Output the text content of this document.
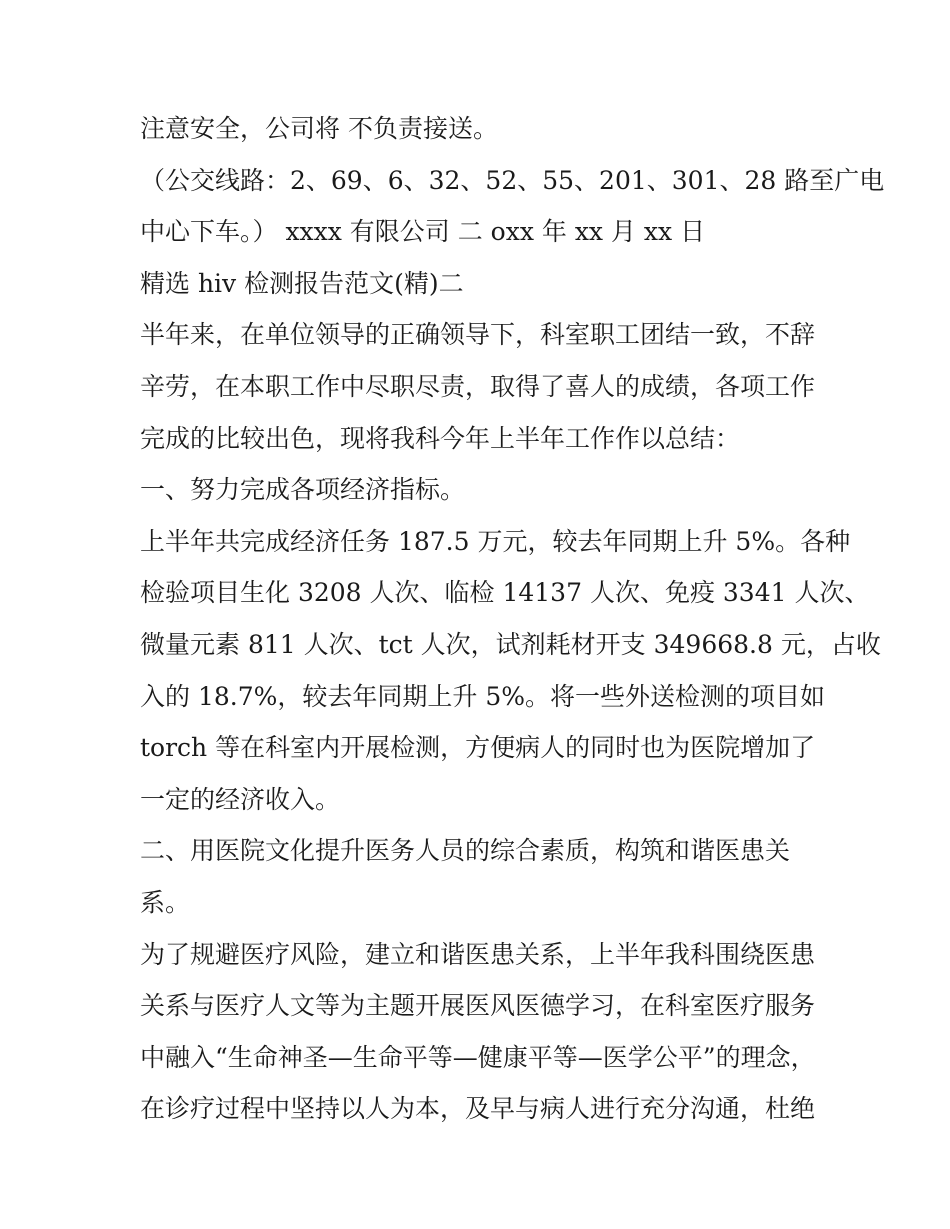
注意安全，公司将 不负责接送。
（公交线路：2、69、6、32、52、55、201、301、28 路至广电
中心下车。） xxxx 有限公司 二 oxx 年 xx 月 xx 日
精选 hiv 检测报告范文(精)二
半年来，在单位领导的正确领导下，科室职工团结一致，不辞
辛劳，在本职工作中尽职尽责，取得了喜人的成绩，各项工作
完成的比较出色，现将我科今年上半年工作作以总结：
一、努力完成各项经济指标。
上半年共完成经济任务 187.5 万元，较去年同期上升 5%。各种
检验项目生化 3208 人次、临检 14137 人次、免疫 3341 人次、
微量元素 811 人次、tct 人次，试剂耗材开支 349668.8 元，占收
入的 18.7%，较去年同期上升 5%。将一些外送检测的项目如
torch 等在科室内开展检测，方便病人的同时也为医院增加了
一定的经济收入。
二、用医院文化提升医务人员的综合素质，构筑和谐医患关
系。
为了规避医疗风险，建立和谐医患关系，上半年我科围绕医患
关系与医疗人文等为主题开展医风医德学习，在科室医疗服务
中融入“生命神圣—生命平等—健康平等—医学公平”的理念，
在诊疗过程中坚持以人为本，及早与病人进行充分沟通，杜绝
